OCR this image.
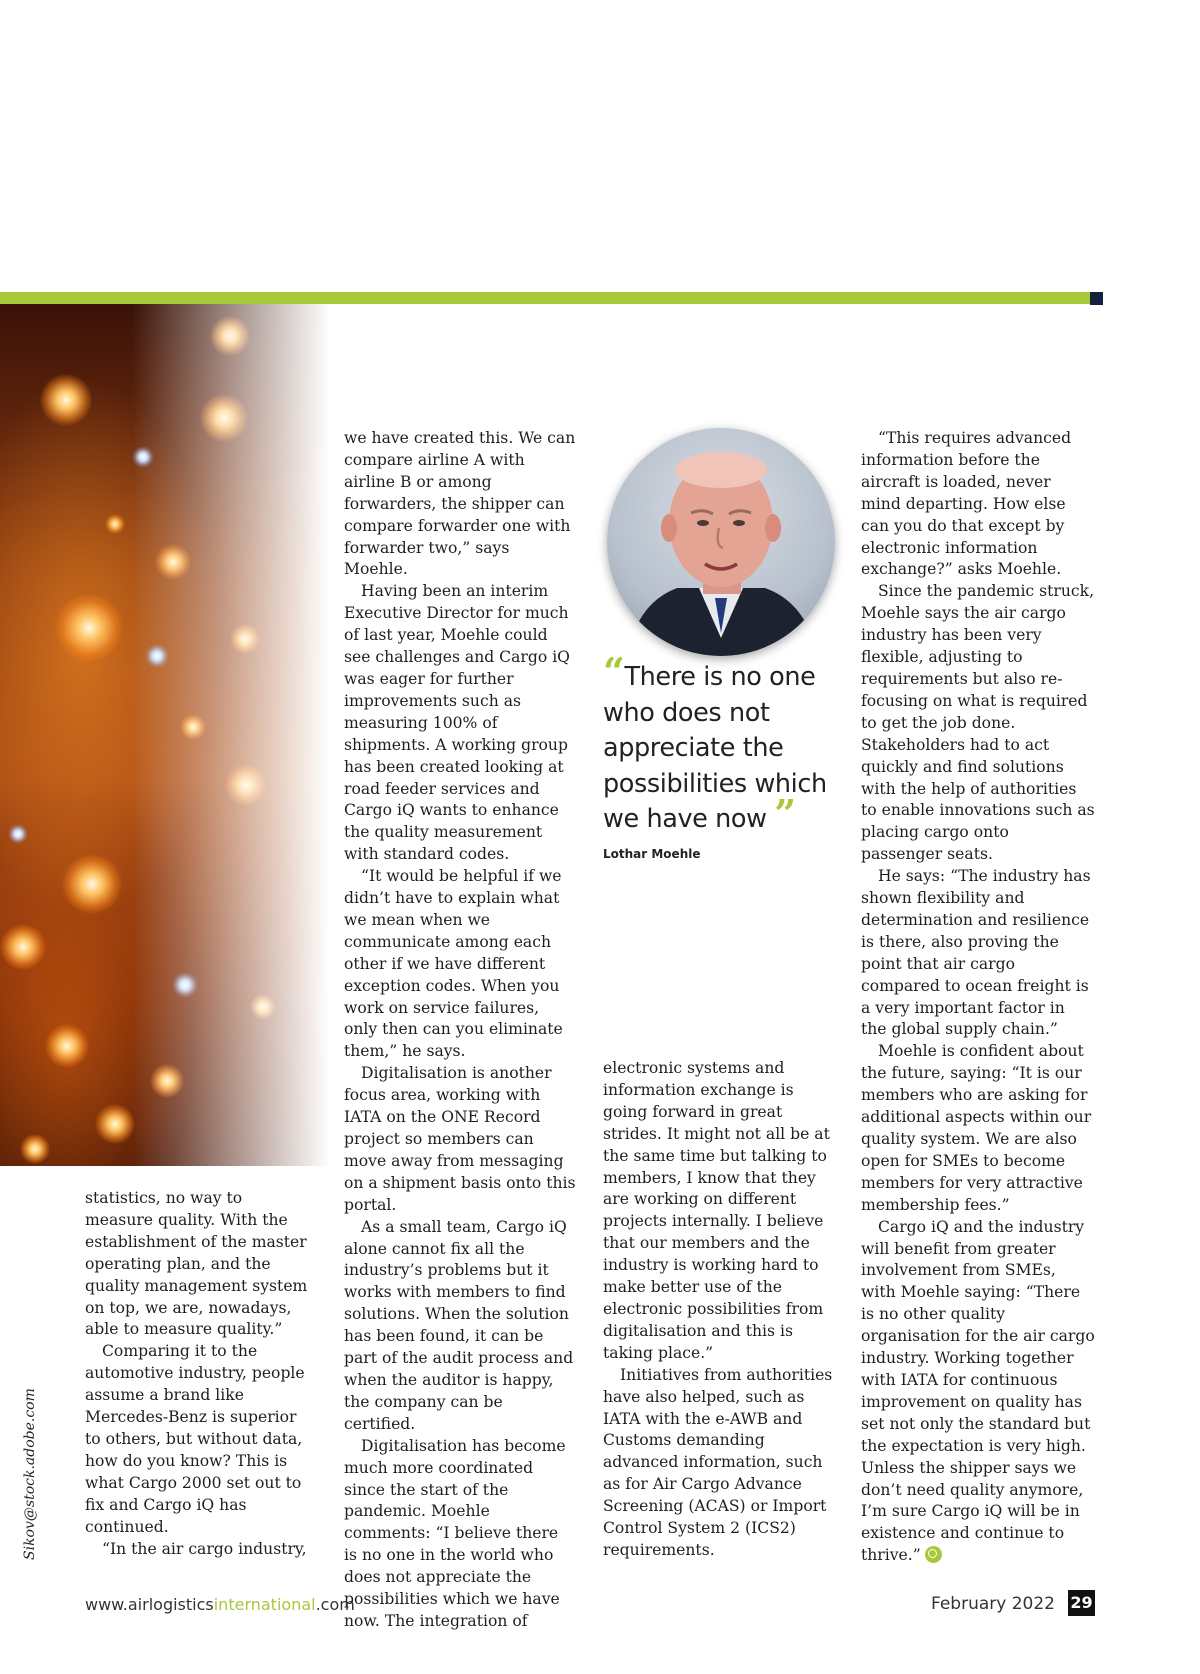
Sikov@stock.adobe.com

statistics, no way to measure quality. With the establishment of the master operating plan, and the quality management system on top, we are, nowadays, able to measure quality.”

Comparing it to the automotive industry, people assume a brand like Mercedes-Benz is superior to others, but without data, how do you know? This is what Cargo 2000 set out to fix and Cargo iQ has continued.

“In the air cargo industry,

we have created this. We can compare airline A with airline B or among forwarders, the shipper can compare forwarder one with forwarder two,” says Moehle.

Having been an interim Executive Director for much of last year, Moehle could see challenges and Cargo iQ was eager for further improvements such as measuring 100% of shipments. A working group has been created looking at road feeder services and Cargo iQ wants to enhance the quality measurement with standard codes.

“It would be helpful if we didn’t have to explain what we mean when we communicate among each other if we have different exception codes. When you work on service failures, only then can you eliminate them,” he says.

Digitalisation is another focus area, working with IATA on the ONE Record project so members can move away from messaging on a shipment basis onto this portal.

As a small team, Cargo iQ alone cannot fix all the industry’s problems but it works with members to find solutions. When the solution has been found, it can be part of the audit process and when the auditor is happy, the company can be certified.

Digitalisation has become much more coordinated since the start of the pandemic. Moehle comments: “I believe there is no one in the world who does not appreciate the possibilities which we have now. The integration of

“There is no one who does not appreciate the possibilities which we have now ”
Lothar Moehle

electronic systems and information exchange is going forward in great strides. It might not all be at the same time but talking to members, I know that they are working on different projects internally. I believe that our members and the industry is working hard to make better use of the electronic possibilities from digitalisation and this is taking place.”

Initiatives from authorities have also helped, such as IATA with the e-AWB and Customs demanding advanced information, such as for Air Cargo Advance Screening (ACAS) or Import Control System 2 (ICS2) requirements.

“This requires advanced information before the aircraft is loaded, never mind departing. How else can you do that except by electronic information exchange?” asks Moehle.

Since the pandemic struck, Moehle says the air cargo industry has been very flexible, adjusting to requirements but also re-focusing on what is required to get the job done. Stakeholders had to act quickly and find solutions with the help of authorities to enable innovations such as placing cargo onto passenger seats.

He says: “The industry has shown flexibility and determination and resilience is there, also proving the point that air cargo compared to ocean freight is a very important factor in the global supply chain.”

Moehle is confident about the future, saying: “It is our members who are asking for additional aspects within our quality system. We are also open for SMEs to become members for very attractive membership fees.”

Cargo iQ and the industry will benefit from greater involvement from SMEs, with Moehle saying: “There is no other quality organisation for the air cargo industry. Working together with IATA for continuous improvement on quality has set not only the standard but the expectation is very high. Unless the shipper says we don’t need quality anymore, I’m sure Cargo iQ will be in existence and continue to thrive.”

www.airlogisticsinternational.com	February 2022 29
